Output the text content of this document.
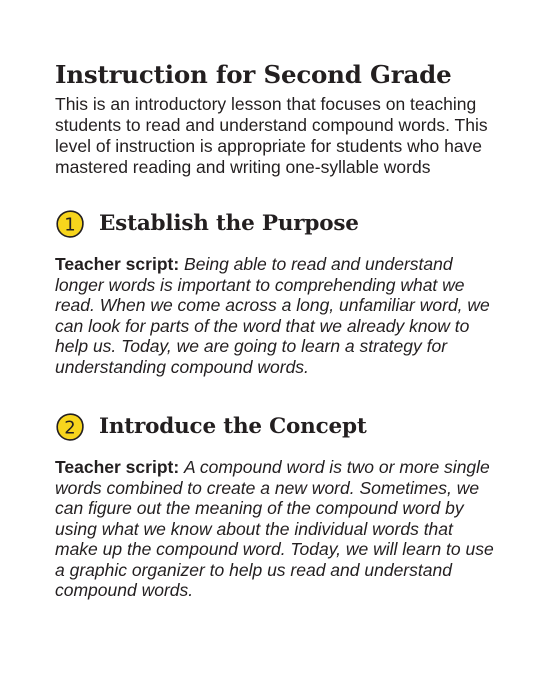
Instruction for Second Grade

This is an introductory lesson that focuses on teaching students to read and understand compound words. This level of instruction is appropriate for students who have mastered reading and writing one-syllable words

1 Establish the Purpose

Teacher script: Being able to read and understand longer words is important to comprehending what we read. When we come across a long, unfamiliar word, we can look for parts of the word that we already know to help us. Today, we are going to learn a strategy for understanding compound words.

2 Introduce the Concept

Teacher script: A compound word is two or more single words combined to create a new word. Sometimes, we can figure out the meaning of the compound word by using what we know about the individual words that make up the compound word. Today, we will learn to use a graphic organizer to help us read and understand compound words.
